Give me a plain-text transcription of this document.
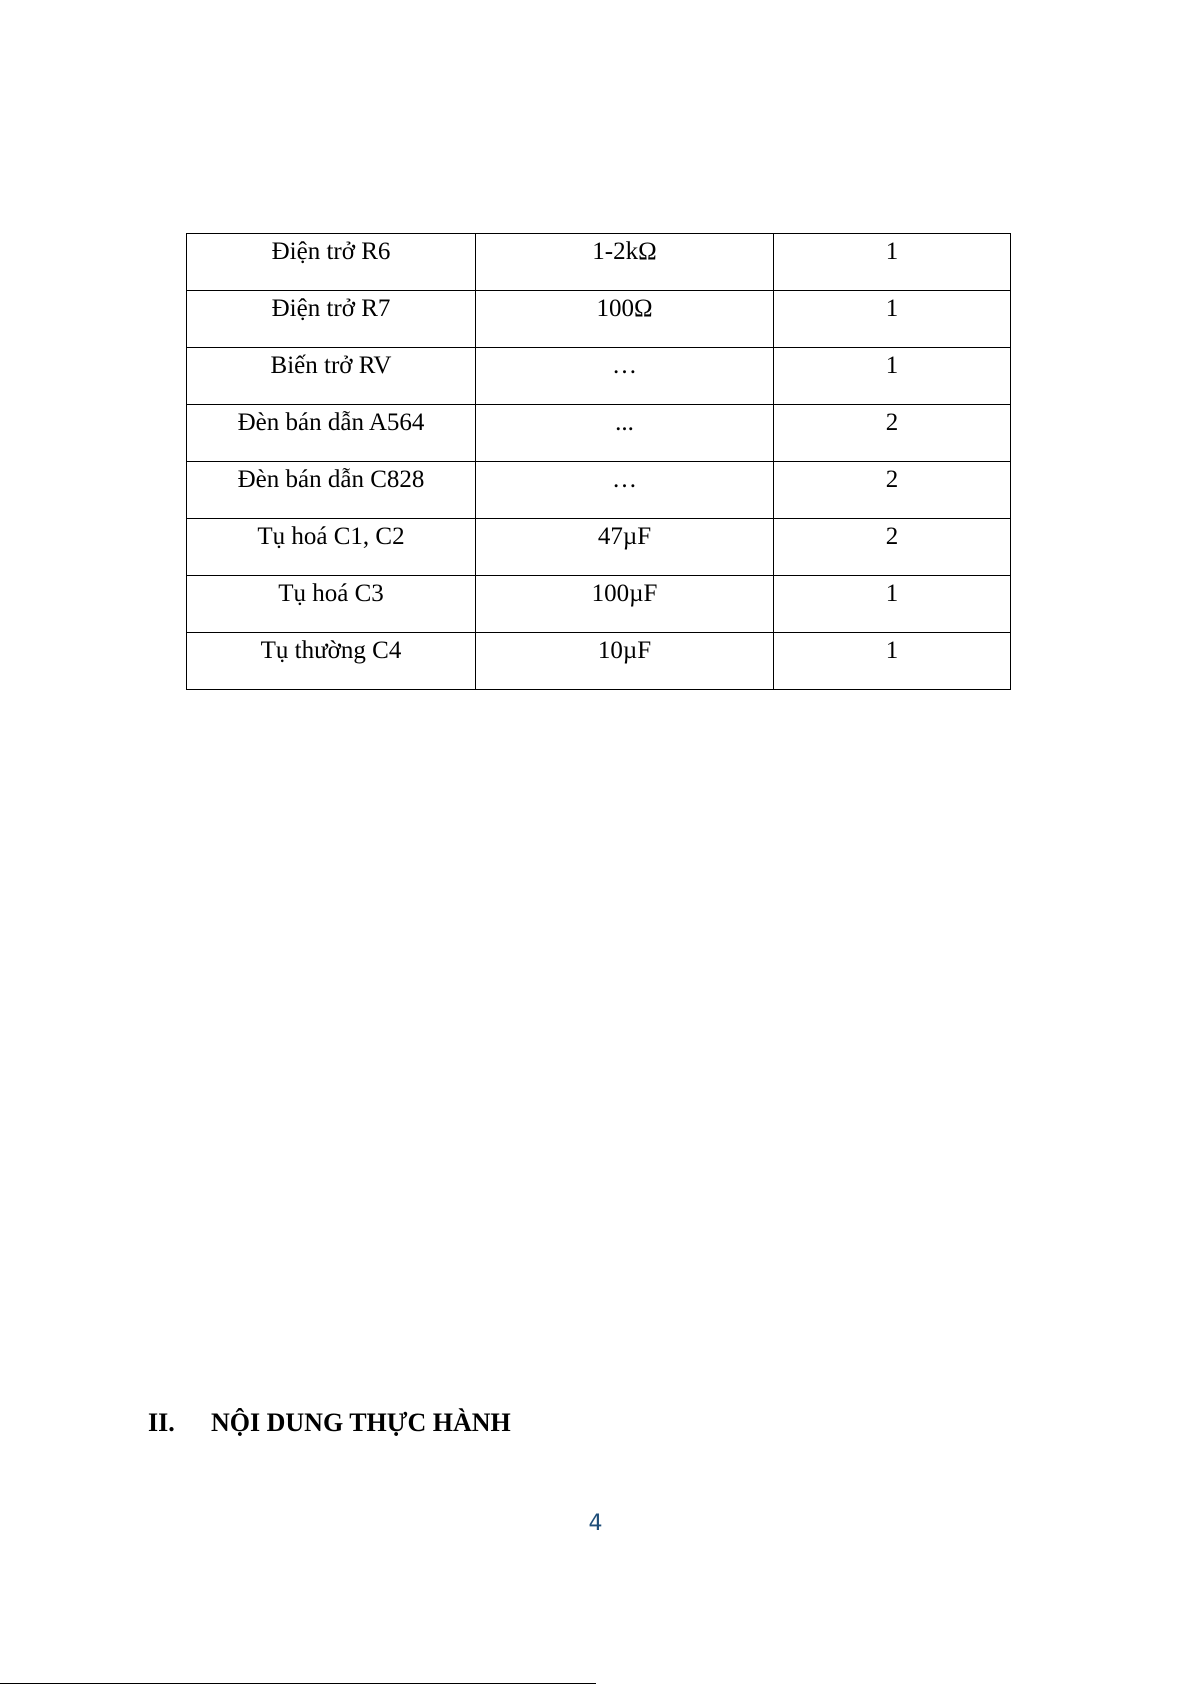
Điện trở R6	1-2kΩ	1

Điện trở R7	100Ω	1

Biến trở RV	…	1

Đèn bán dẫn A564	...	2

Đèn bán dẫn C828	…	2

Tụ hoá C1, C2	47µF	2

Tụ hoá C3	100µF	1

Tụ thường C4	10µF	1
II. NỘI DUNG THỰC HÀNH
4
